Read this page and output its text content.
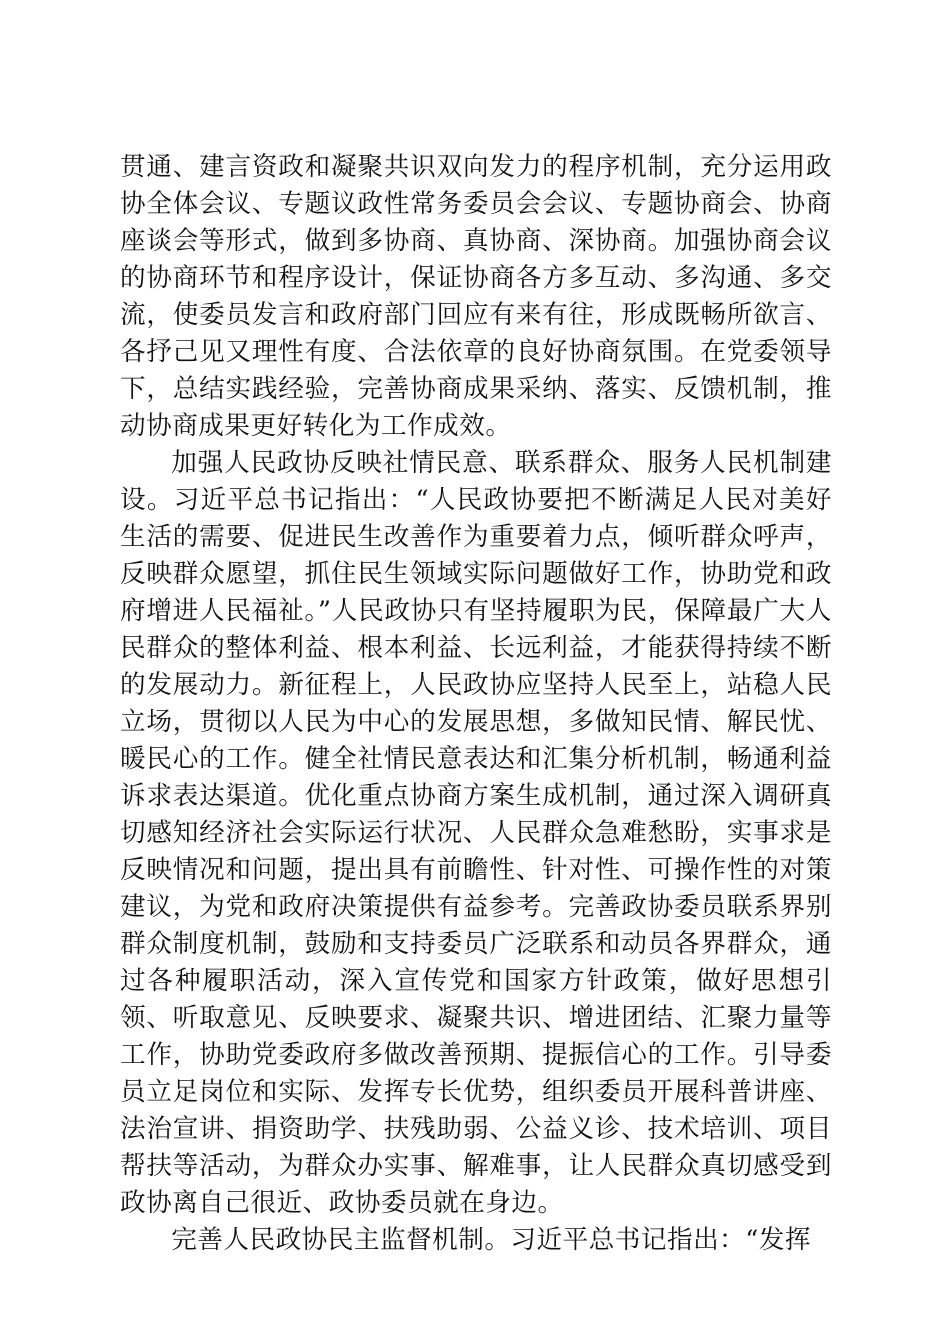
贯通、建言资政和凝聚共识双向发力的程序机制，充分运用政协全体会议、专题议政性常务委员会会议、专题协商会、协商座谈会等形式，做到多协商、真协商、深协商。加强协商会议的协商环节和程序设计，保证协商各方多互动、多沟通、多交流，使委员发言和政府部门回应有来有往，形成既畅所欲言、各抒己见又理性有度、合法依章的良好协商氛围。在党委领导下，总结实践经验，完善协商成果采纳、落实、反馈机制，推动协商成果更好转化为工作成效。

加强人民政协反映社情民意、联系群众、服务人民机制建设。习近平总书记指出：“人民政协要把不断满足人民对美好生活的需要、促进民生改善作为重要着力点，倾听群众呼声，反映群众愿望，抓住民生领域实际问题做好工作，协助党和政府增进人民福祉。”人民政协只有坚持履职为民，保障最广大人民群众的整体利益、根本利益、长远利益，才能获得持续不断的发展动力。新征程上，人民政协应坚持人民至上，站稳人民立场，贯彻以人民为中心的发展思想，多做知民情、解民忧、暖民心的工作。健全社情民意表达和汇集分析机制，畅通利益诉求表达渠道。优化重点协商方案生成机制，通过深入调研真切感知经济社会实际运行状况、人民群众急难愁盼，实事求是反映情况和问题，提出具有前瞻性、针对性、可操作性的对策建议，为党和政府决策提供有益参考。完善政协委员联系界别群众制度机制，鼓励和支持委员广泛联系和动员各界群众，通过各种履职活动，深入宣传党和国家方针政策，做好思想引领、听取意见、反映要求、凝聚共识、增进团结、汇聚力量等工作，协助党委政府多做改善预期、提振信心的工作。引导委员立足岗位和实际、发挥专长优势，组织委员开展科普讲座、法治宣讲、捐资助学、扶残助弱、公益义诊、技术培训、项目帮扶等活动，为群众办实事、解难事，让人民群众真切感受到政协离自己很近、政协委员就在身边。

完善人民政协民主监督机制。习近平总书记指出：“发挥
